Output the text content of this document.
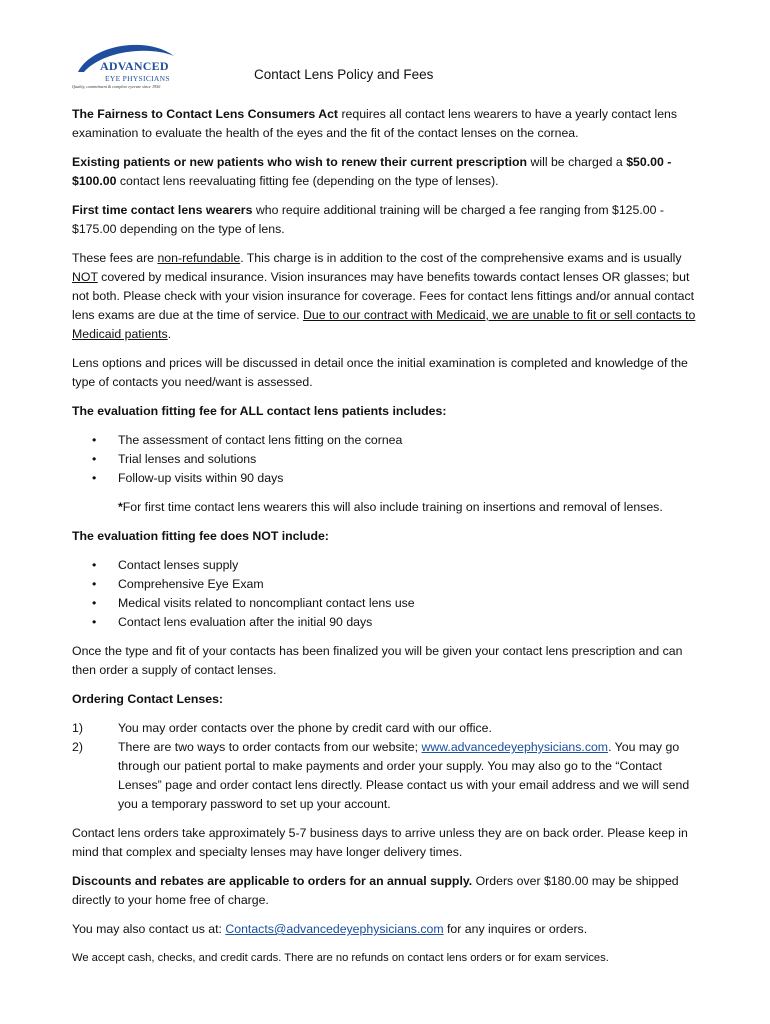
ADVANCED
EYE PHYSICIANS
Quality, commitment & complete eyecare since 1956
Contact Lens Policy and Fees

The Fairness to Contact Lens Consumers Act requires all contact lens wearers to have a yearly contact lens examination to evaluate the health of the eyes and the fit of the contact lenses on the cornea.

Existing patients or new patients who wish to renew their current prescription will be charged a $50.00 - $100.00 contact lens reevaluating fitting fee (depending on the type of lenses).

First time contact lens wearers who require additional training will be charged a fee ranging from $125.00 - $175.00 depending on the type of lens.

These fees are non-refundable. This charge is in addition to the cost of the comprehensive exams and is usually NOT covered by medical insurance. Vision insurances may have benefits towards contact lenses OR glasses; but not both. Please check with your vision insurance for coverage. Fees for contact lens fittings and/or annual contact lens exams are due at the time of service. Due to our contract with Medicaid, we are unable to fit or sell contacts to Medicaid patients.

Lens options and prices will be discussed in detail once the initial examination is completed and knowledge of the type of contacts you need/want is assessed.

The evaluation fitting fee for ALL contact lens patients includes:

• The assessment of contact lens fitting on the cornea
• Trial lenses and solutions
• Follow-up visits within 90 days
*For first time contact lens wearers this will also include training on insertions and removal of lenses.

The evaluation fitting fee does NOT include:

• Contact lenses supply
• Comprehensive Eye Exam
• Medical visits related to noncompliant contact lens use
• Contact lens evaluation after the initial 90 days

Once the type and fit of your contacts has been finalized you will be given your contact lens prescription and can then order a supply of contact lenses.

Ordering Contact Lenses:

1)	You may order contacts over the phone by credit card with our office.
2)	There are two ways to order contacts from our website; www.advancedeyephysicians.com. You may go through our patient portal to make payments and order your supply. You may also go to the “Contact Lenses” page and order contact lens directly. Please contact us with your email address and we will send you a temporary password to set up your account.

Contact lens orders take approximately 5-7 business days to arrive unless they are on back order. Please keep in mind that complex and specialty lenses may have longer delivery times.

Discounts and rebates are applicable to orders for an annual supply. Orders over $180.00 may be shipped directly to your home free of charge.

You may also contact us at: Contacts@advancedeyephysicians.com for any inquires or orders.

We accept cash, checks, and credit cards. There are no refunds on contact lens orders or for exam services.
